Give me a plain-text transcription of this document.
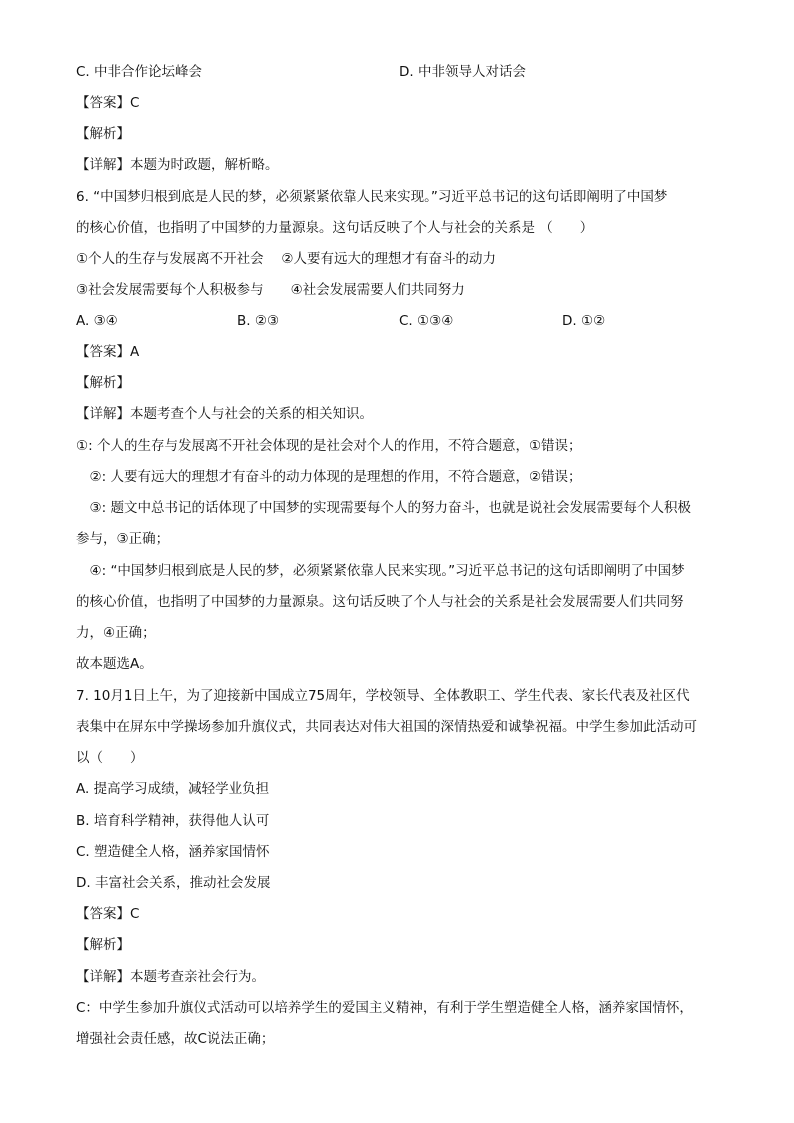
C. 中非合作论坛峰会	D. 中非领导人对话会
【答案】C
【解析】
【详解】本题为时政题，解析略。
6. “中国梦归根到底是人民的梦，必须紧紧依靠人民来实现。”习近平总书记的这句话即阐明了中国梦
的核心价值，也指明了中国梦的力量源泉。这句话反映了个人与社会的关系是 （　　）
①个人的生存与发展离不开社会　 ②人要有远大的理想才有奋斗的动力
③社会发展需要每个人积极参与　　④社会发展需要人们共同努力
A. ③④	B. ②③	C. ①③④	D. ①②
【答案】A
【解析】
【详解】本题考查个人与社会的关系的相关知识。
①: 个人的生存与发展离不开社会体现的是社会对个人的作用，不符合题意，①错误；
　②: 人要有远大的理想才有奋斗的动力体现的是理想的作用，不符合题意，②错误；
　③: 题文中总书记的话体现了中国梦的实现需要每个人的努力奋斗，也就是说社会发展需要每个人积极
参与，③正确；
　④: “中国梦归根到底是人民的梦，必须紧紧依靠人民来实现。”习近平总书记的这句话即阐明了中国梦
的核心价值，也指明了中国梦的力量源泉。这句话反映了个人与社会的关系是社会发展需要人们共同努
力，④正确；
故本题选A。
7. 10月1日上午，为了迎接新中国成立75周年，学校领导、全体教职工、学生代表、家长代表及社区代
表集中在屏东中学操场参加升旗仪式，共同表达对伟大祖国的深情热爱和诚挚祝福。中学生参加此活动可
以（　　）
A. 提高学习成绩，减轻学业负担
B. 培育科学精神，获得他人认可
C. 塑造健全人格，涵养家国情怀
D. 丰富社会关系，推动社会发展
【答案】C
【解析】
【详解】本题考查亲社会行为。
C：中学生参加升旗仪式活动可以培养学生的爱国主义精神，有利于学生塑造健全人格，涵养家国情怀，
增强社会责任感，故C说法正确；
